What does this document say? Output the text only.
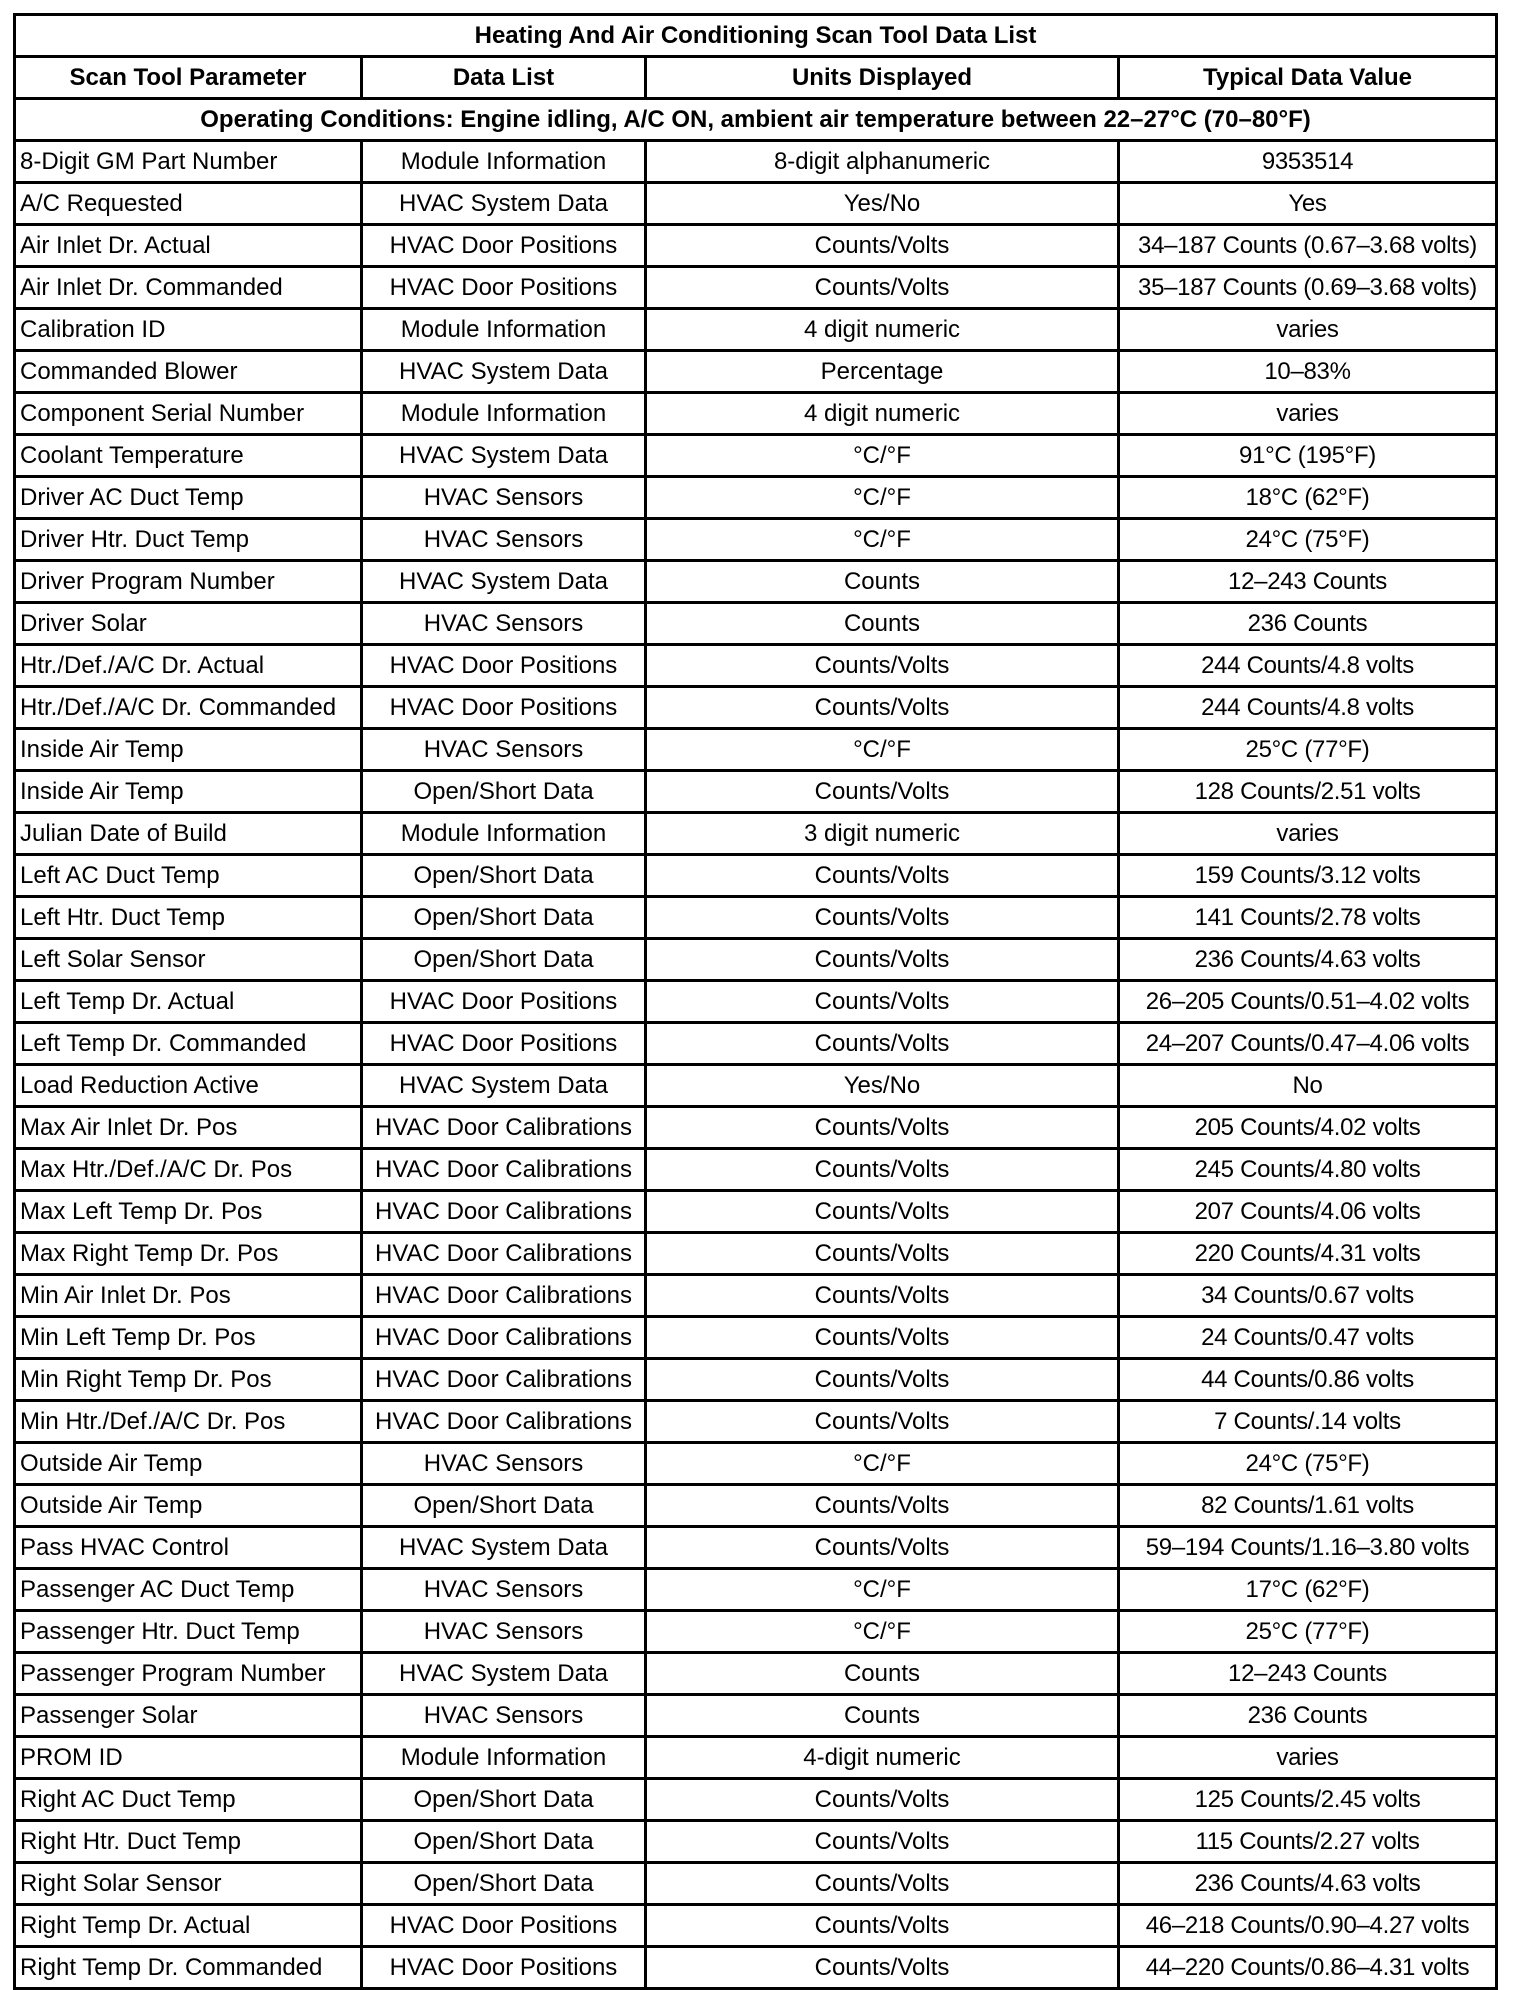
Heating And Air Conditioning Scan Tool Data List			
Scan Tool Parameter	Data List	Units Displayed	Typical Data Value
Operating Conditions: Engine idling, A/C ON, ambient air temperature between 22–27°C (70–80°F)			
8-Digit GM Part Number	Module Information	8-digit alphanumeric	9353514
A/C Requested	HVAC System Data	Yes/No	Yes
Air Inlet Dr. Actual	HVAC Door Positions	Counts/Volts	34–187 Counts (0.67–3.68 volts)
Air Inlet Dr. Commanded	HVAC Door Positions	Counts/Volts	35–187 Counts (0.69–3.68 volts)
Calibration ID	Module Information	4 digit numeric	varies
Commanded Blower	HVAC System Data	Percentage	10–83%
Component Serial Number	Module Information	4 digit numeric	varies
Coolant Temperature	HVAC System Data	°C/°F	91°C (195°F)
Driver AC Duct Temp	HVAC Sensors	°C/°F	18°C (62°F)
Driver Htr. Duct Temp	HVAC Sensors	°C/°F	24°C (75°F)
Driver Program Number	HVAC System Data	Counts	12–243 Counts
Driver Solar	HVAC Sensors	Counts	236 Counts
Htr./Def./A/C Dr. Actual	HVAC Door Positions	Counts/Volts	244 Counts/4.8 volts
Htr./Def./A/C Dr. Commanded	HVAC Door Positions	Counts/Volts	244 Counts/4.8 volts
Inside Air Temp	HVAC Sensors	°C/°F	25°C (77°F)
Inside Air Temp	Open/Short Data	Counts/Volts	128 Counts/2.51 volts
Julian Date of Build	Module Information	3 digit numeric	varies
Left AC Duct Temp	Open/Short Data	Counts/Volts	159 Counts/3.12 volts
Left Htr. Duct Temp	Open/Short Data	Counts/Volts	141 Counts/2.78 volts
Left Solar Sensor	Open/Short Data	Counts/Volts	236 Counts/4.63 volts
Left Temp Dr. Actual	HVAC Door Positions	Counts/Volts	26–205 Counts/0.51–4.02 volts
Left Temp Dr. Commanded	HVAC Door Positions	Counts/Volts	24–207 Counts/0.47–4.06 volts
Load Reduction Active	HVAC System Data	Yes/No	No
Max Air Inlet Dr. Pos	HVAC Door Calibrations	Counts/Volts	205 Counts/4.02 volts
Max Htr./Def./A/C Dr. Pos	HVAC Door Calibrations	Counts/Volts	245 Counts/4.80 volts
Max Left Temp Dr. Pos	HVAC Door Calibrations	Counts/Volts	207 Counts/4.06 volts
Max Right Temp Dr. Pos	HVAC Door Calibrations	Counts/Volts	220 Counts/4.31 volts
Min Air Inlet Dr. Pos	HVAC Door Calibrations	Counts/Volts	34 Counts/0.67 volts
Min Left Temp Dr. Pos	HVAC Door Calibrations	Counts/Volts	24 Counts/0.47 volts
Min Right Temp Dr. Pos	HVAC Door Calibrations	Counts/Volts	44 Counts/0.86 volts
Min Htr./Def./A/C Dr. Pos	HVAC Door Calibrations	Counts/Volts	7 Counts/.14 volts
Outside Air Temp	HVAC Sensors	°C/°F	24°C (75°F)
Outside Air Temp	Open/Short Data	Counts/Volts	82 Counts/1.61 volts
Pass HVAC Control	HVAC System Data	Counts/Volts	59–194 Counts/1.16–3.80 volts
Passenger AC Duct Temp	HVAC Sensors	°C/°F	17°C (62°F)
Passenger Htr. Duct Temp	HVAC Sensors	°C/°F	25°C (77°F)
Passenger Program Number	HVAC System Data	Counts	12–243 Counts
Passenger Solar	HVAC Sensors	Counts	236 Counts
PROM ID	Module Information	4-digit numeric	varies
Right AC Duct Temp	Open/Short Data	Counts/Volts	125 Counts/2.45 volts
Right Htr. Duct Temp	Open/Short Data	Counts/Volts	115 Counts/2.27 volts
Right Solar Sensor	Open/Short Data	Counts/Volts	236 Counts/4.63 volts
Right Temp Dr. Actual	HVAC Door Positions	Counts/Volts	46–218 Counts/0.90–4.27 volts
Right Temp Dr. Commanded	HVAC Door Positions	Counts/Volts	44–220 Counts/0.86–4.31 volts
